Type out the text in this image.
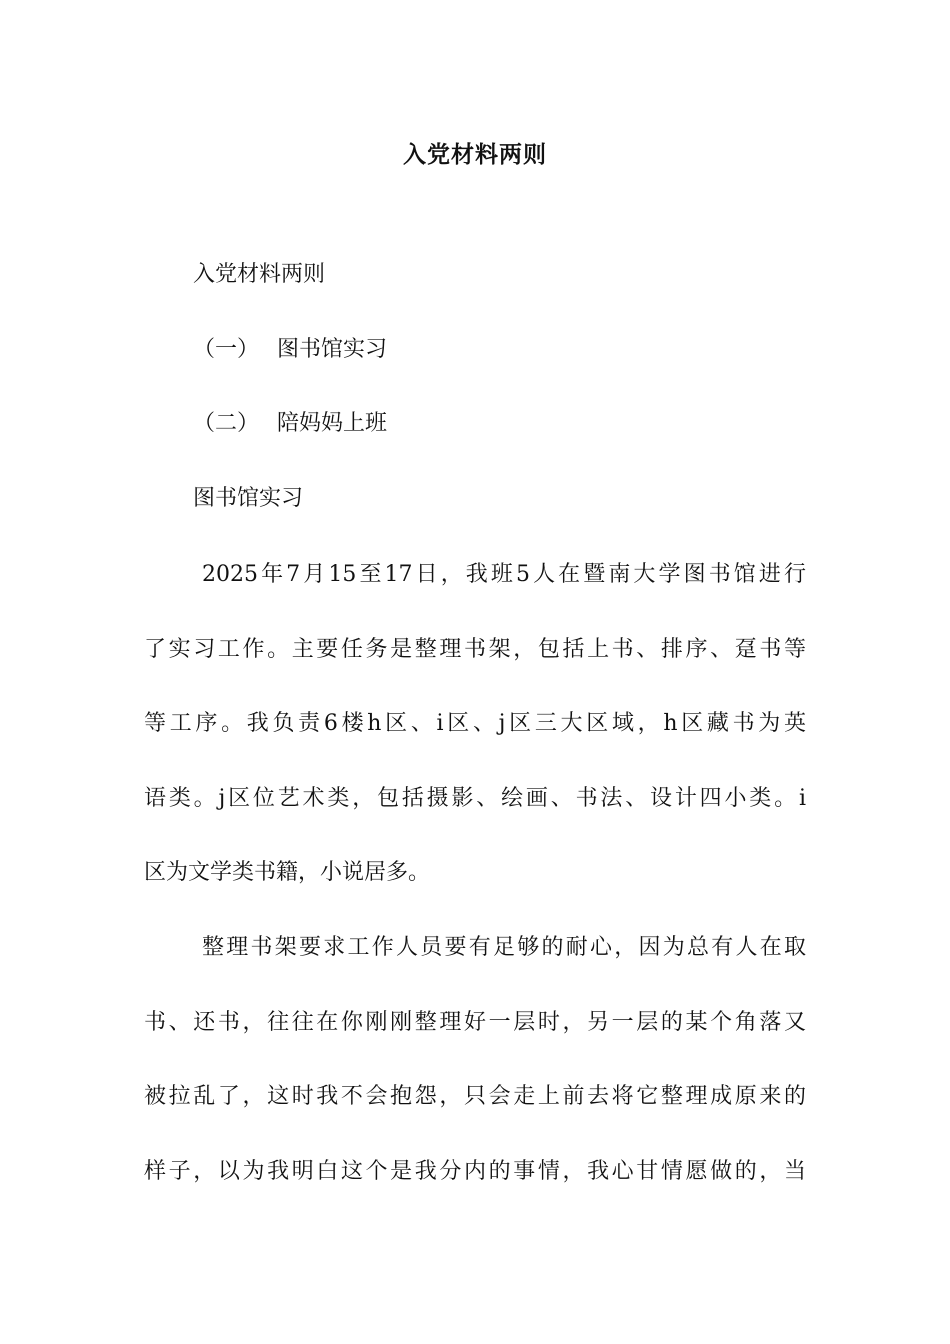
入党材料两则
入党材料两则
（一） 图书馆实习
（二） 陪妈妈上班
图书馆实习
2025年7月15至17日，我班5人在暨南大学图书馆进行
了实习工作。主要任务是整理书架，包括上书、排序、趸书等
等工序。我负责6楼h区、i区、j区三大区域，h区藏书为英
语类。j区位艺术类，包括摄影、绘画、书法、设计四小类。i
区为文学类书籍，小说居多。
整理书架要求工作人员要有足够的耐心，因为总有人在取
书、还书，往往在你刚刚整理好一层时，另一层的某个角落又
被拉乱了，这时我不会抱怨，只会走上前去将它整理成原来的
样子，以为我明白这个是我分内的事情，我心甘情愿做的，当
